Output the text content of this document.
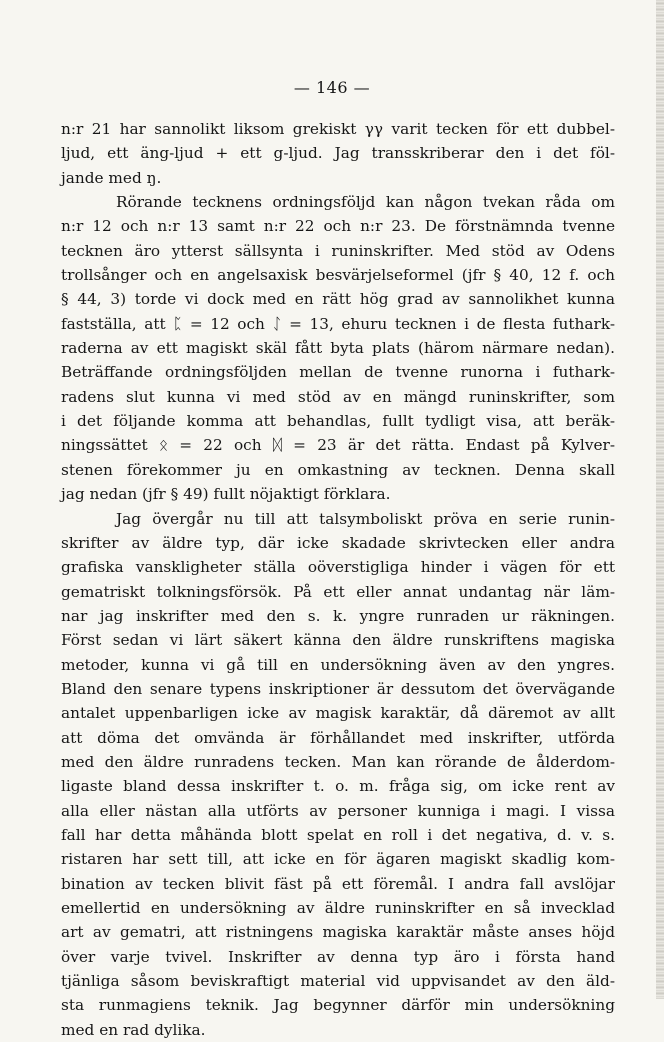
— 146 —
n:r 21 har sannolikt liksom grekiskt γγ varit tecken för ett dubbel-
ljud, ett äng-ljud + ett g-ljud. Jag transskriberar den i det föl-
jande med ŋ.
Rörande tecknens ordningsföljd kan någon tvekan råda om
n:r 12 och n:r 13 samt n:r 22 och n:r 23. De förstnämnda tvenne
tecknen äro ytterst sällsynta i runinskrifter. Med stöd av Odens
trollsånger och en angelsaxisk besvärjelseformel (jfr § 40, 12 f. och
§ 44, 3) torde vi dock med en rätt hög grad av sannolikhet kunna
fastställa, att ᛈ = 12 och ᛇ = 13, ehuru tecknen i de flesta futhark-
raderna av ett magiskt skäl fått byta plats (härom närmare nedan).
Beträffande ordningsföljden mellan de tvenne runorna i futhark-
radens slut kunna vi med stöd av en mängd runinskrifter, som
i det följande komma att behandlas, fullt tydligt visa, att beräk-
ningssättet ᛟ = 22 och ᛞ = 23 är det rätta. Endast på Kylver-
stenen förekommer ju en omkastning av tecknen. Denna skall
jag nedan (jfr § 49) fullt nöjaktigt förklara.
Jag övergår nu till att talsymboliskt pröva en serie runin-
skrifter av äldre typ, där icke skadade skrivtecken eller andra
grafiska vanskligheter ställa oöverstigliga hinder i vägen för ett
gematriskt tolkningsförsök. På ett eller annat undantag när läm-
nar jag inskrifter med den s. k. yngre runraden ur räkningen.
Först sedan vi lärt säkert känna den äldre runskriftens magiska
metoder, kunna vi gå till en undersökning även av den yngres.
Bland den senare typens inskriptioner är dessutom det övervägande
antalet uppenbarligen icke av magisk karaktär, då däremot av allt
att döma det omvända är förhållandet med inskrifter, utförda
med den äldre runradens tecken. Man kan rörande de ålderdom-
ligaste bland dessa inskrifter t. o. m. fråga sig, om icke rent av
alla eller nästan alla utförts av personer kunniga i magi. I vissa
fall har detta måhända blott spelat en roll i det negativa, d. v. s.
ristaren har sett till, att icke en för ägaren magiskt skadlig kom-
bination av tecken blivit fäst på ett föremål. I andra fall avslöjar
emellertid en undersökning av äldre runinskrifter en så invecklad
art av gematri, att ristningens magiska karaktär måste anses höjd
över varje tvivel. Inskrifter av denna typ äro i första hand
tjänliga såsom beviskraftigt material vid uppvisandet av den äld-
sta runmagiens teknik. Jag begynner därför min undersökning
med en rad dylika.
